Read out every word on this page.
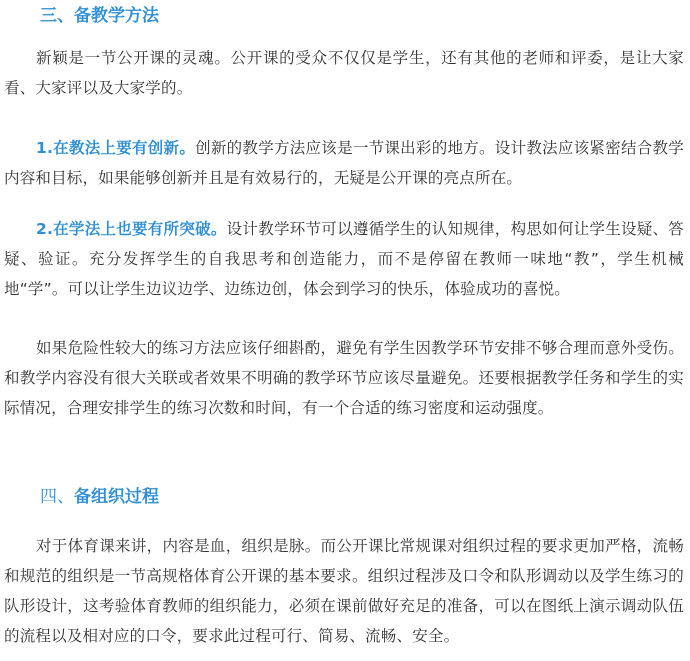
三、备教学方法

新颖是一节公开课的灵魂。公开课的受众不仅仅是学生，还有其他的老师和评委，是让大家看、大家评以及大家学的。

1.在教法上要有创新。创新的教学方法应该是一节课出彩的地方。设计教法应该紧密结合教学内容和目标，如果能够创新并且是有效易行的，无疑是公开课的亮点所在。

2.在学法上也要有所突破。设计教学环节可以遵循学生的认知规律，构思如何让学生设疑、答疑、验证。充分发挥学生的自我思考和创造能力，而不是停留在教师一味地“教”，学生机械地“学”。可以让学生边议边学、边练边创，体会到学习的快乐，体验成功的喜悦。

如果危险性较大的练习方法应该仔细斟酌，避免有学生因教学环节安排不够合理而意外受伤。和教学内容没有很大关联或者效果不明确的教学环节应该尽量避免。还要根据教学任务和学生的实际情况，合理安排学生的练习次数和时间，有一个合适的练习密度和运动强度。

四、备组织过程

对于体育课来讲，内容是血，组织是脉。而公开课比常规课对组织过程的要求更加严格，流畅和规范的组织是一节高规格体育公开课的基本要求。组织过程涉及口令和队形调动以及学生练习的队形设计，这考验体育教师的组织能力，必须在课前做好充足的准备，可以在图纸上演示调动队伍的流程以及相对应的口令，要求此过程可行、简易、流畅、安全。
